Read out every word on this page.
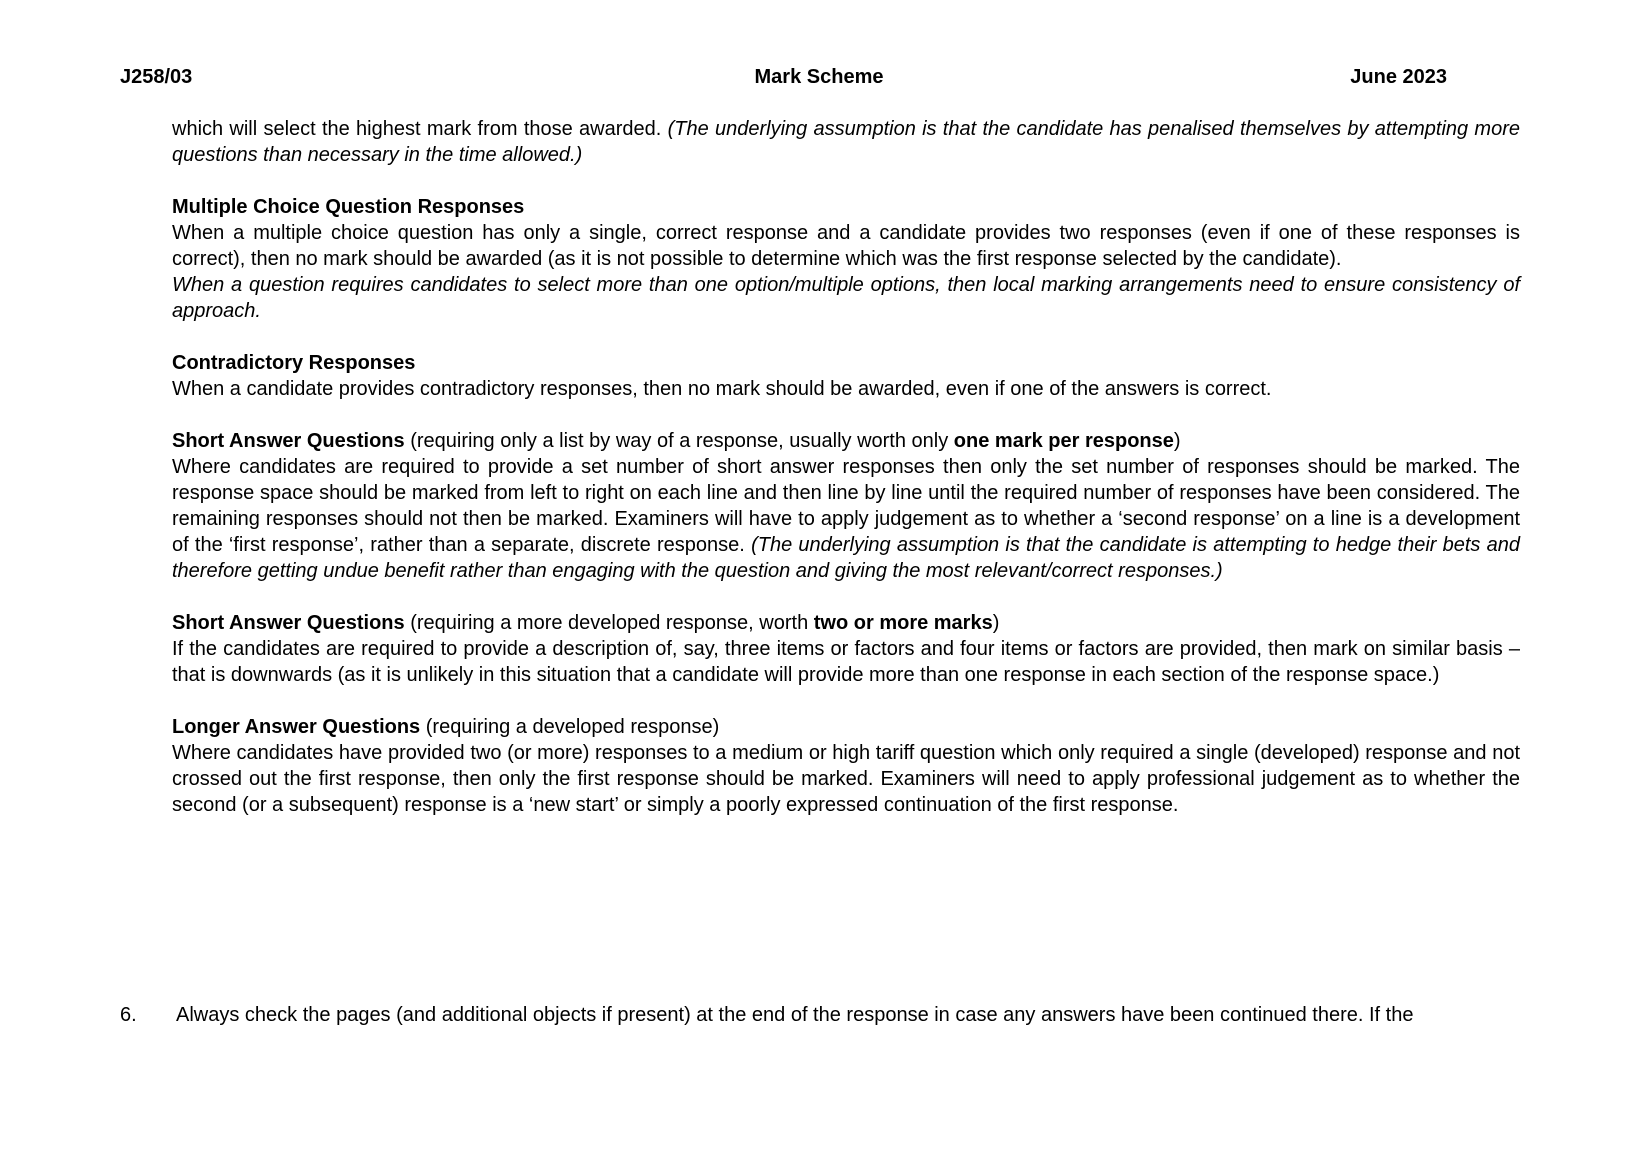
J258/03	Mark Scheme	June 2023

which will select the highest mark from those awarded. (The underlying assumption is that the candidate has penalised themselves by attempting more questions than necessary in the time allowed.)

Multiple Choice Question Responses

When a multiple choice question has only a single, correct response and a candidate provides two responses (even if one of these responses is correct), then no mark should be awarded (as it is not possible to determine which was the first response selected by the candidate).

When a question requires candidates to select more than one option/multiple options, then local marking arrangements need to ensure consistency of approach.

Contradictory Responses

When a candidate provides contradictory responses, then no mark should be awarded, even if one of the answers is correct.

Short Answer Questions (requiring only a list by way of a response, usually worth only one mark per response)

Where candidates are required to provide a set number of short answer responses then only the set number of responses should be marked. The response space should be marked from left to right on each line and then line by line until the required number of responses have been considered. The remaining responses should not then be marked. Examiners will have to apply judgement as to whether a ‘second response’ on a line is a development of the ‘first response’, rather than a separate, discrete response. (The underlying assumption is that the candidate is attempting to hedge their bets and therefore getting undue benefit rather than engaging with the question and giving the most relevant/correct responses.)

Short Answer Questions (requiring a more developed response, worth two or more marks)

If the candidates are required to provide a description of, say, three items or factors and four items or factors are provided, then mark on similar basis – that is downwards (as it is unlikely in this situation that a candidate will provide more than one response in each section of the response space.)

Longer Answer Questions (requiring a developed response)

Where candidates have provided two (or more) responses to a medium or high tariff question which only required a single (developed) response and not crossed out the first response, then only the first response should be marked. Examiners will need to apply professional judgement as to whether the second (or a subsequent) response is a ‘new start’ or simply a poorly expressed continuation of the first response.

6.	Always check the pages (and additional objects if present) at the end of the response in case any answers have been continued there. If the
